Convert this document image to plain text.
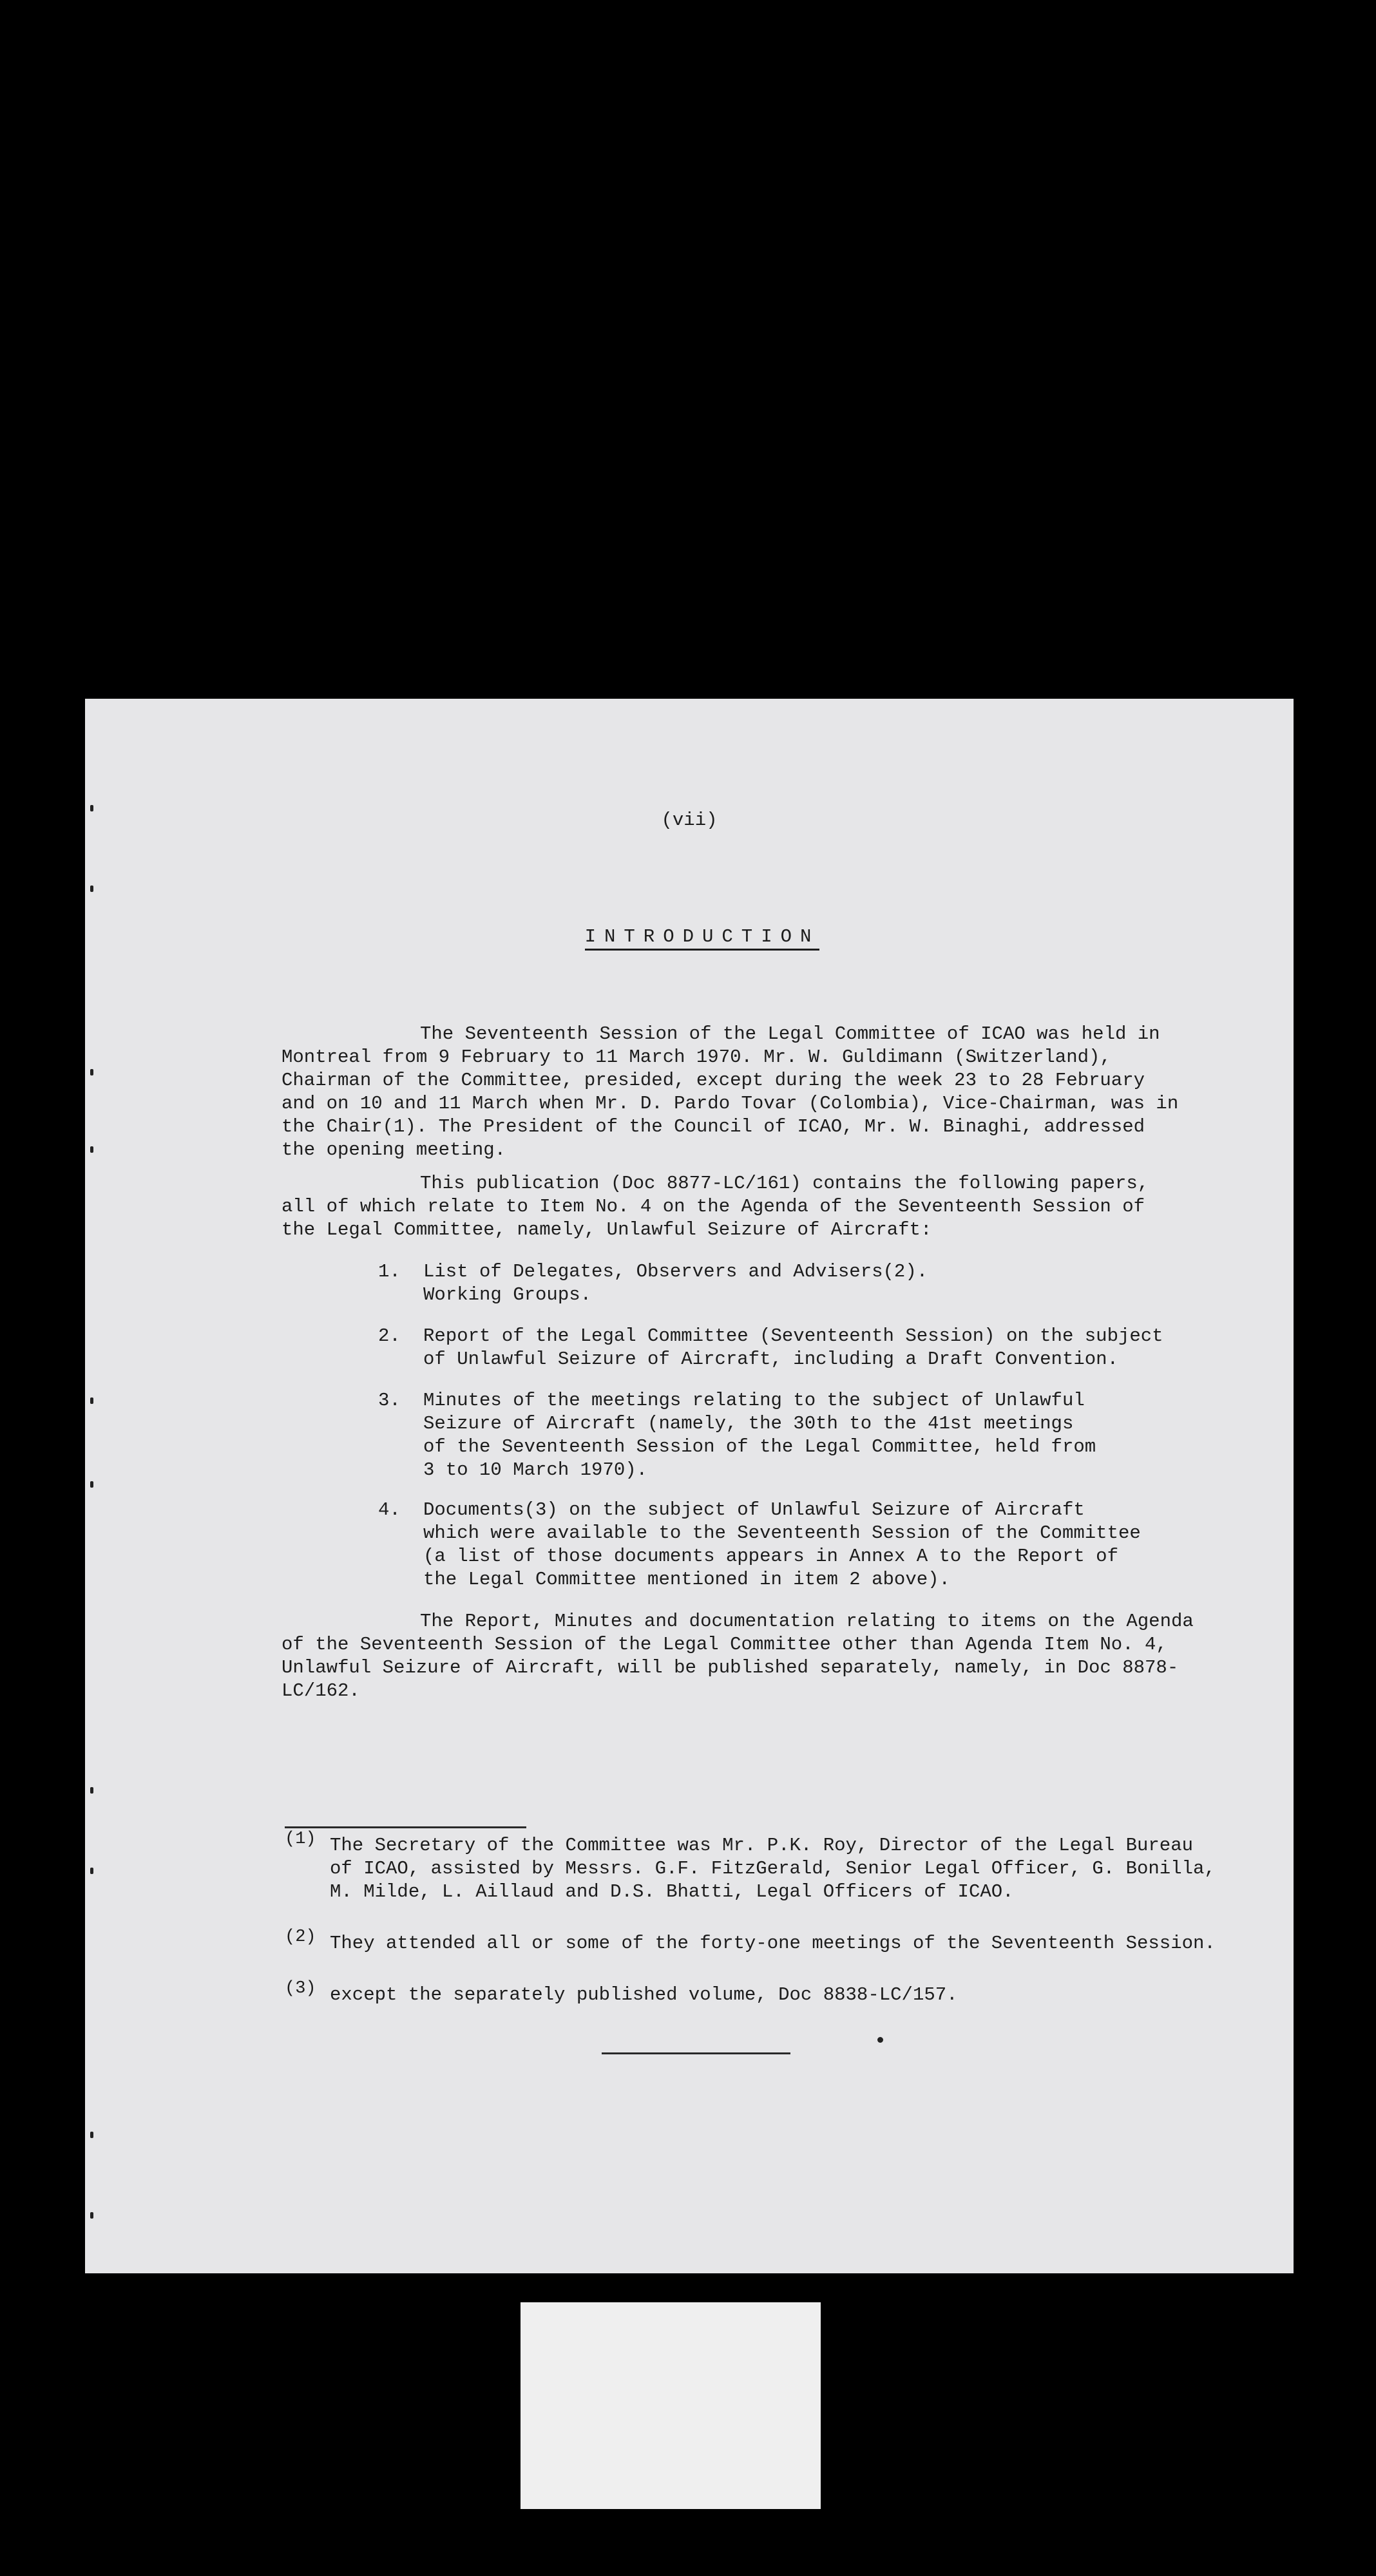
(vii)
INTRODUCTION
The Seventeenth Session of the Legal Committee of ICAO was held in
Montreal from 9 February to 11 March 1970. Mr. W. Guldimann (Switzerland),
Chairman of the Committee, presided, except during the week 23 to 28 February
and on 10 and 11 March when Mr. D. Pardo Tovar (Colombia), Vice-Chairman, was in
the Chair(1). The President of the Council of ICAO, Mr. W. Binaghi, addressed
the opening meeting.
This publication (Doc 8877-LC/161) contains the following papers,
all of which relate to Item No. 4 on the Agenda of the Seventeenth Session of
the Legal Committee, namely, Unlawful Seizure of Aircraft:
1.	List of Delegates, Observers and Advisers(2).
Working Groups.
2.	Report of the Legal Committee (Seventeenth Session) on the subject
of Unlawful Seizure of Aircraft, including a Draft Convention.
3.	Minutes of the meetings relating to the subject of Unlawful
Seizure of Aircraft (namely, the 30th to the 41st meetings
of the Seventeenth Session of the Legal Committee, held from
3 to 10 March 1970).
4.	Documents(3) on the subject of Unlawful Seizure of Aircraft
which were available to the Seventeenth Session of the Committee
(a list of those documents appears in Annex A to the Report of
the Legal Committee mentioned in item 2 above).
The Report, Minutes and documentation relating to items on the Agenda
of the Seventeenth Session of the Legal Committee other than Agenda Item No. 4,
Unlawful Seizure of Aircraft, will be published separately, namely, in Doc 8878-
LC/162.
(1) The Secretary of the Committee was Mr. P.K. Roy, Director of the Legal Bureau
of ICAO, assisted by Messrs. G.F. FitzGerald, Senior Legal Officer, G. Bonilla,
M. Milde, L. Aillaud and D.S. Bhatti, Legal Officers of ICAO.
(2) They attended all or some of the forty-one meetings of the Seventeenth Session.
(3) except the separately published volume, Doc 8838-LC/157.
